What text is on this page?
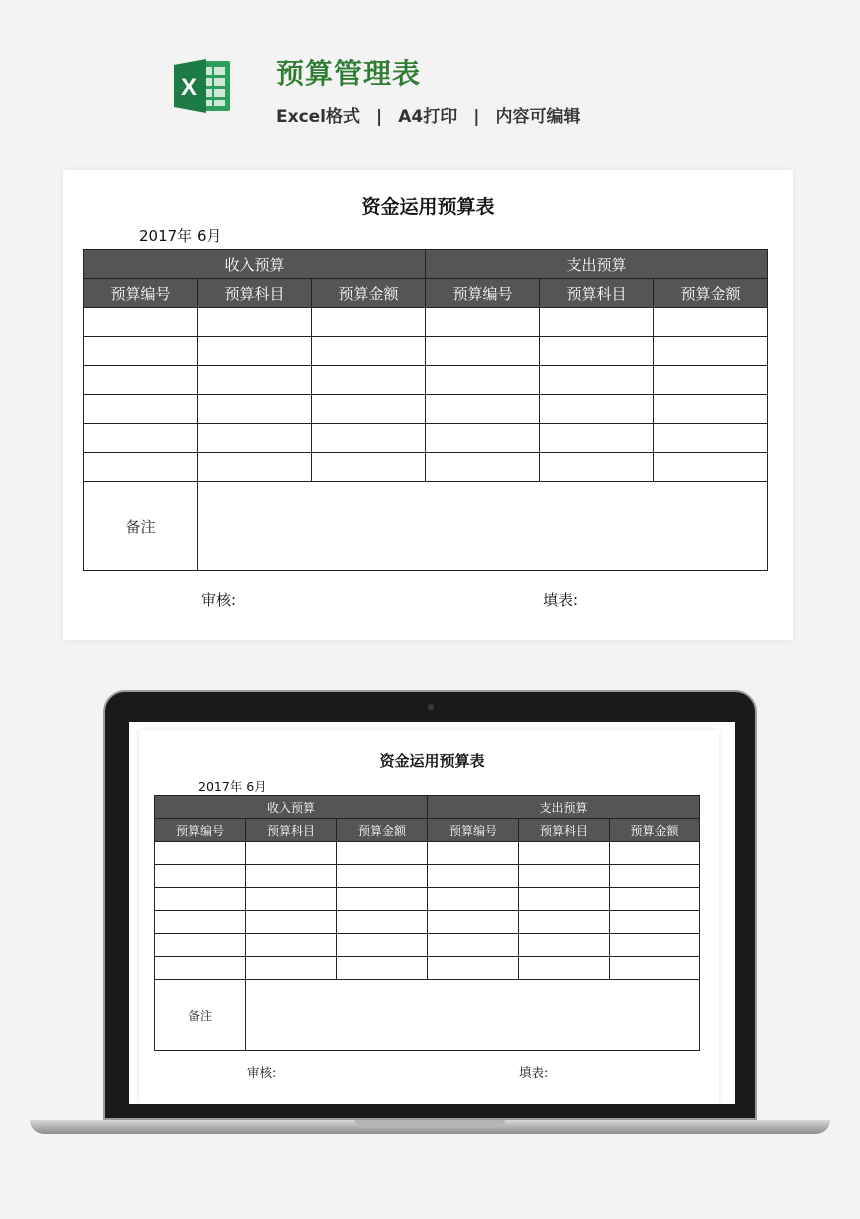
X	预算管理表
Excel格式 | A4打印 | 内容可编辑
资金运用预算表
2017年 6月
收入预算			支出预算		
预算编号	预算科目	预算金额	预算编号	预算科目	预算金额

备注					
审核:	填表:
资金运用预算表
2017年 6月
收入预算			支出预算		
预算编号	预算科目	预算金额	预算编号	预算科目	预算金额

备注					
审核:	填表:
